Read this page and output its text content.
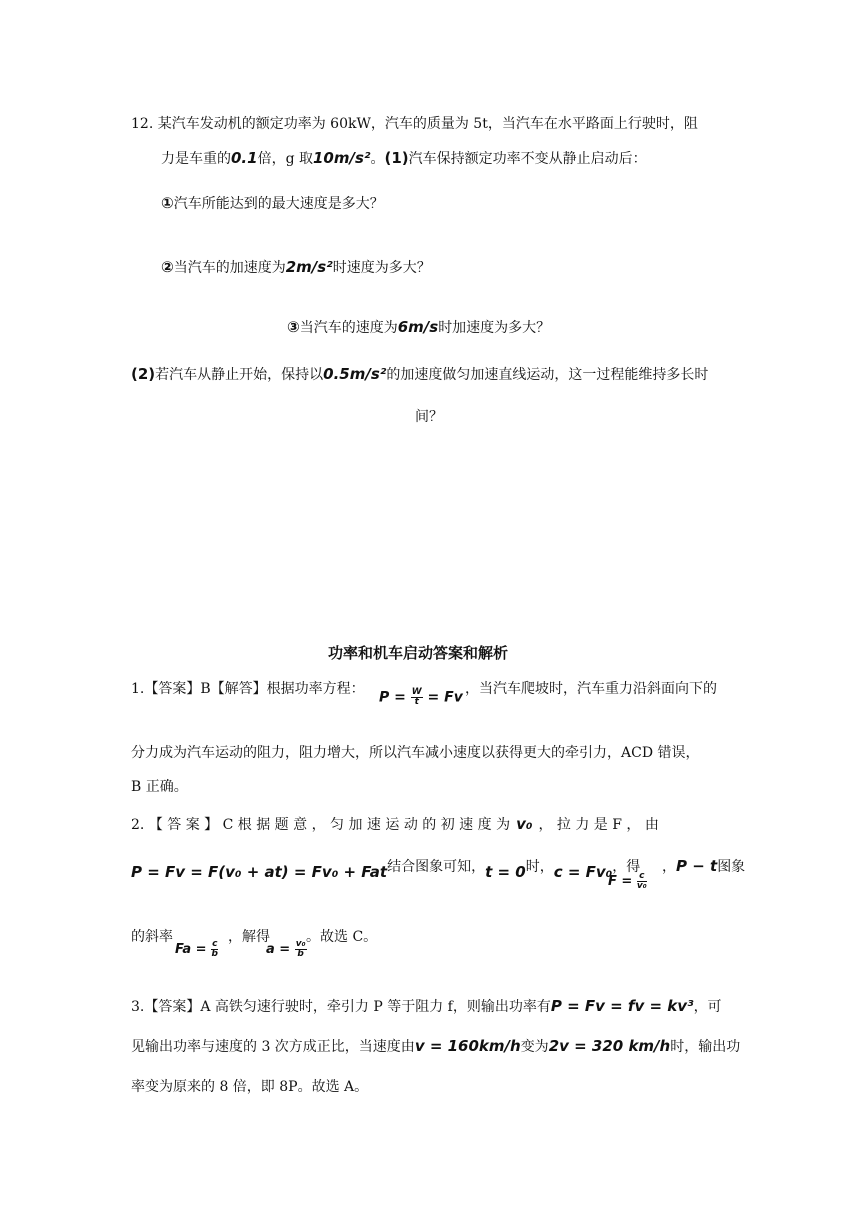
12. 某汽车发动机的额定功率为 60kW，汽车的质量为 5t，当汽车在水平路面上行驶时，阻
力是车重的0.1倍，g 取10m/s²。(1)汽车保持额定功率不变从静止启动后：
①汽车所能达到的最大速度是多大？
②当汽车的加速度为2m/s²时速度为多大？
③当汽车的速度为6m/s时加速度为多大？
(2)若汽车从静止开始，保持以0.5m/s²的加速度做匀加速直线运动，这一过程能维持多长时
间？
功率和机车启动答案和解析
1.【答案】B【解答】根据功率方程：
$P = \frac{W}{t} = Fv$
，当汽车爬坡时，汽车重力沿斜面向下的
分力成为汽车运动的阻力，阻力增大，所以汽车减小速度以获得更大的牵引力，ACD 错误，
B 正确。
2. 【 答 案 】 C 根 据 题 意 ， 匀 加 速 运 动 的 初 速 度 为 v₀ ， 拉 力 是 F ， 由
P = Fv = F(v₀ + at) = Fv₀ + Fat结合图象可知，t = 0时，c = Fv₀，得
$F = \frac{c}{\text{v₀}}$
，P − t图象
的斜率
$Fa = \frac{c}{b}$
，解得
$a = \frac{\text{v₀}}{b}$
。故选 C。
3.【答案】A 高铁匀速行驶时，牵引力 P 等于阻力 f，则输出功率有P = Fv = fv = kv³，可
见输出功率与速度的 3 次方成正比，当速度由v = 160km/h变为2v = 320 km/h时，输出功
率变为原来的 8 倍，即 8P。故选 A。
